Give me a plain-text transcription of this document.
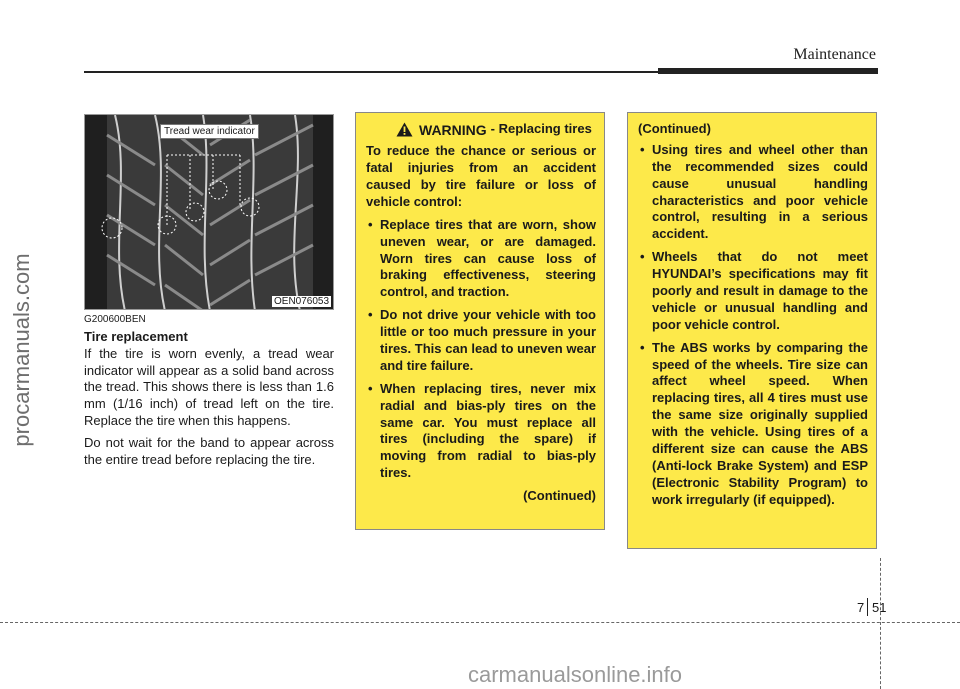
Maintenance
procarmanuals.com
Tread wear indicator
OEN076053
G200600BEN
Tire replacement

If the tire is worn evenly, a tread wear indicator will appear as a solid band across the tread. This shows there is less than 1.6 mm (1/16 inch) of tread left on the tire. Replace the tire when this happens.

Do not wait for the band to appear across the entire tread before replacing the tire.

WARNING - Replacing tires

To reduce the chance or serious or fatal injuries from an accident caused by tire failure or loss of vehicle control:

• Replace tires that are worn, show uneven wear, or are damaged. Worn tires can cause loss of braking effectiveness, steering control, and traction.
• Do not drive your vehicle with too little or too much pressure in your tires. This can lead to uneven wear and tire failure.
• When replacing tires, never mix radial and bias-ply tires on the same car. You must replace all tires (including the spare) if moving from radial to bias-ply tires.
(Continued)
(Continued)
• Using tires and wheel other than the recommended sizes could cause unusual handling characteristics and poor vehicle control, resulting in a serious accident.
• Wheels that do not meet HYUNDAI’s specifications may fit poorly and result in damage to the vehicle or unusual handling and poor vehicle control.
• The ABS works by comparing the speed of the wheels. Tire size can affect wheel speed. When replacing tires, all 4 tires must use the same size originally supplied with the vehicle. Using tires of a different size can cause the ABS (Anti-lock Brake System) and ESP (Electronic Stability Program) to work irregularly (if equipped).
7 51
carmanualsonline.info
